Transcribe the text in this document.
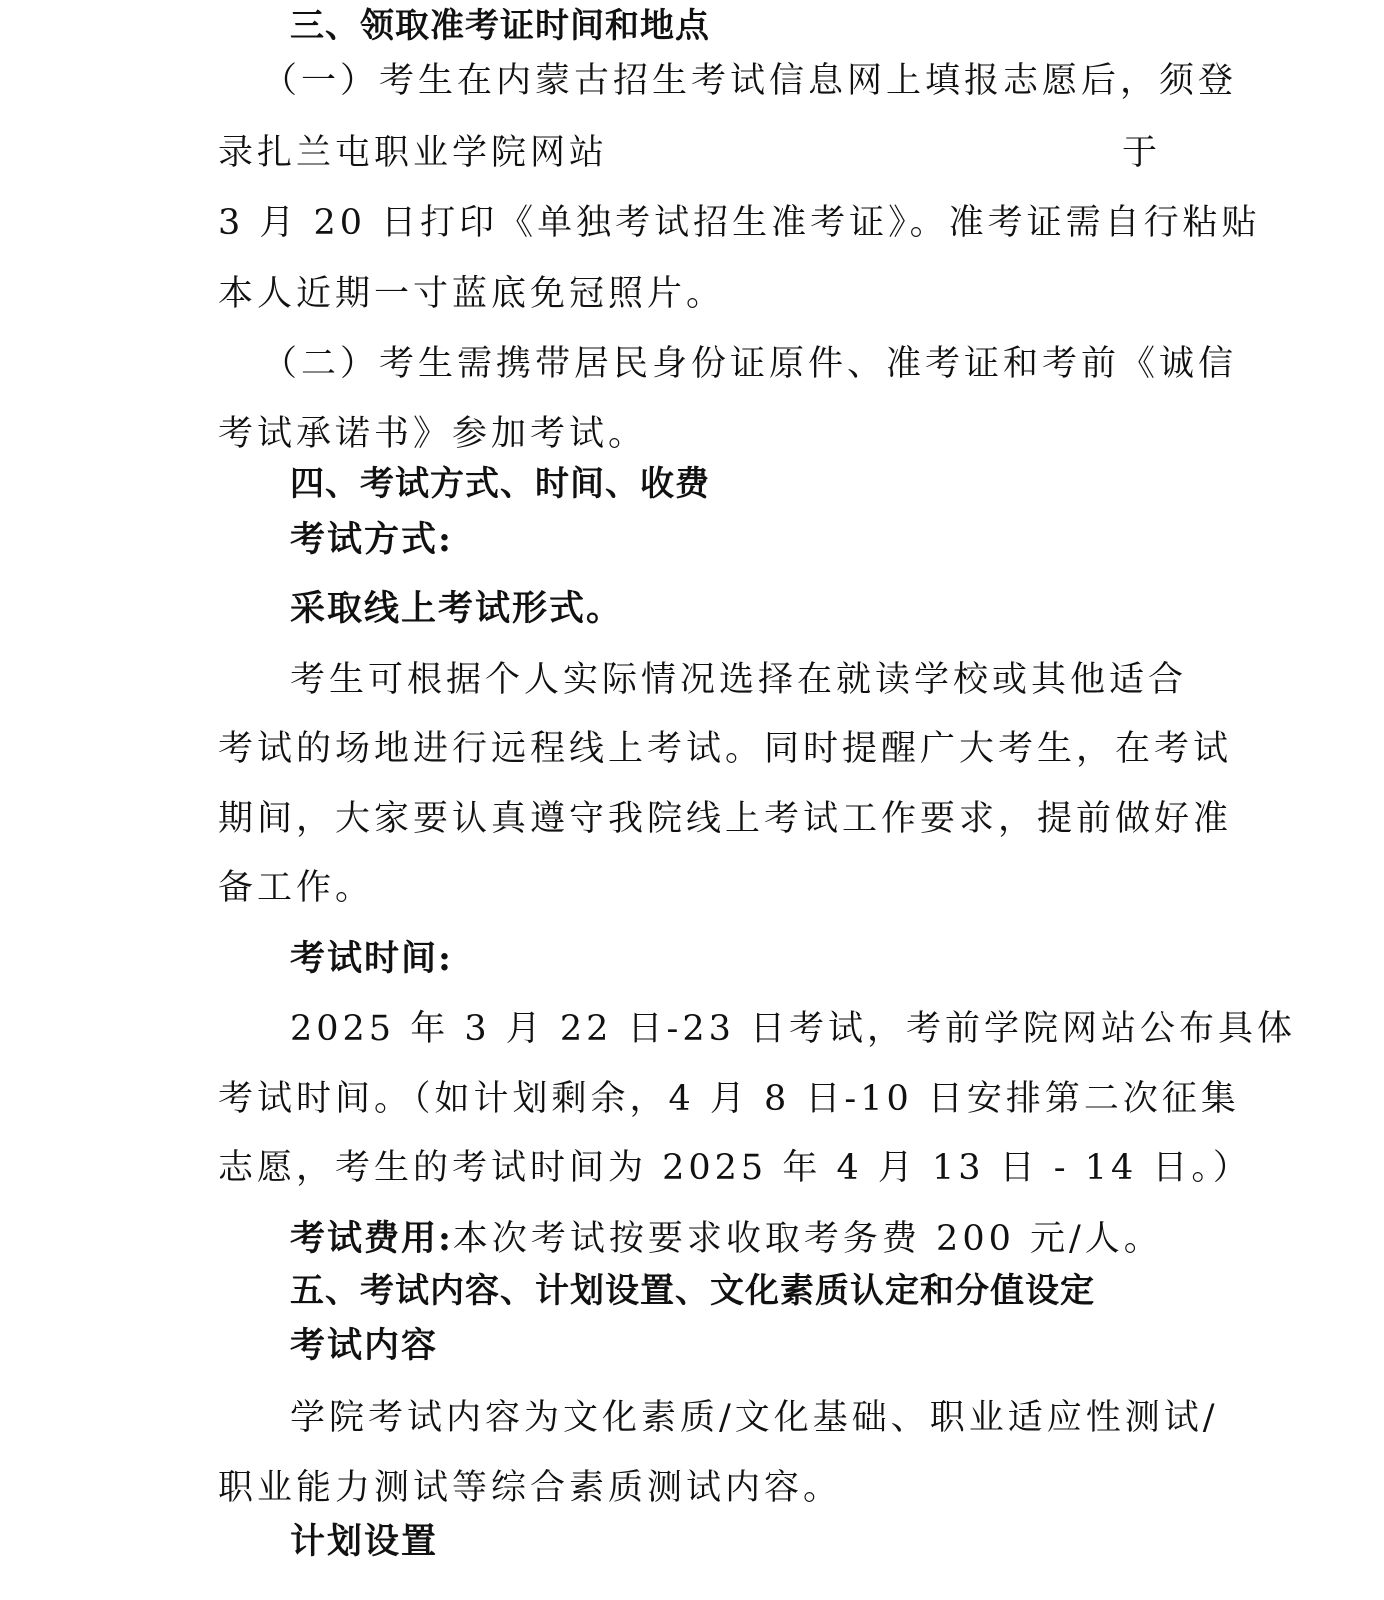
三、领取准考证时间和地点
（一）考生在内蒙古招生考试信息网上填报志愿后，须登
录扎兰屯职业学院网站	于
3 月 20 日打印《单独考试招生准考证》。准考证需自行粘贴
本人近期一寸蓝底免冠照片。
（二）考生需携带居民身份证原件、准考证和考前《诚信
考试承诺书》参加考试。
四、考试方式、时间、收费
考试方式:
采取线上考试形式。
考生可根据个人实际情况选择在就读学校或其他适合
考试的场地进行远程线上考试。同时提醒广大考生，在考试
期间，大家要认真遵守我院线上考试工作要求，提前做好准
备工作。
考试时间:
2025 年 3 月 22 日-23 日考试，考前学院网站公布具体
考试时间。（如计划剩余，4 月 8 日-10 日安排第二次征集
志愿，考生的考试时间为 2025 年 4 月 13 日 - 14 日。）
考试费用:本次考试按要求收取考务费 200 元/人。
五、考试内容、计划设置、文化素质认定和分值设定
考试内容
学院考试内容为文化素质/文化基础、职业适应性测试/
职业能力测试等综合素质测试内容。
计划设置
